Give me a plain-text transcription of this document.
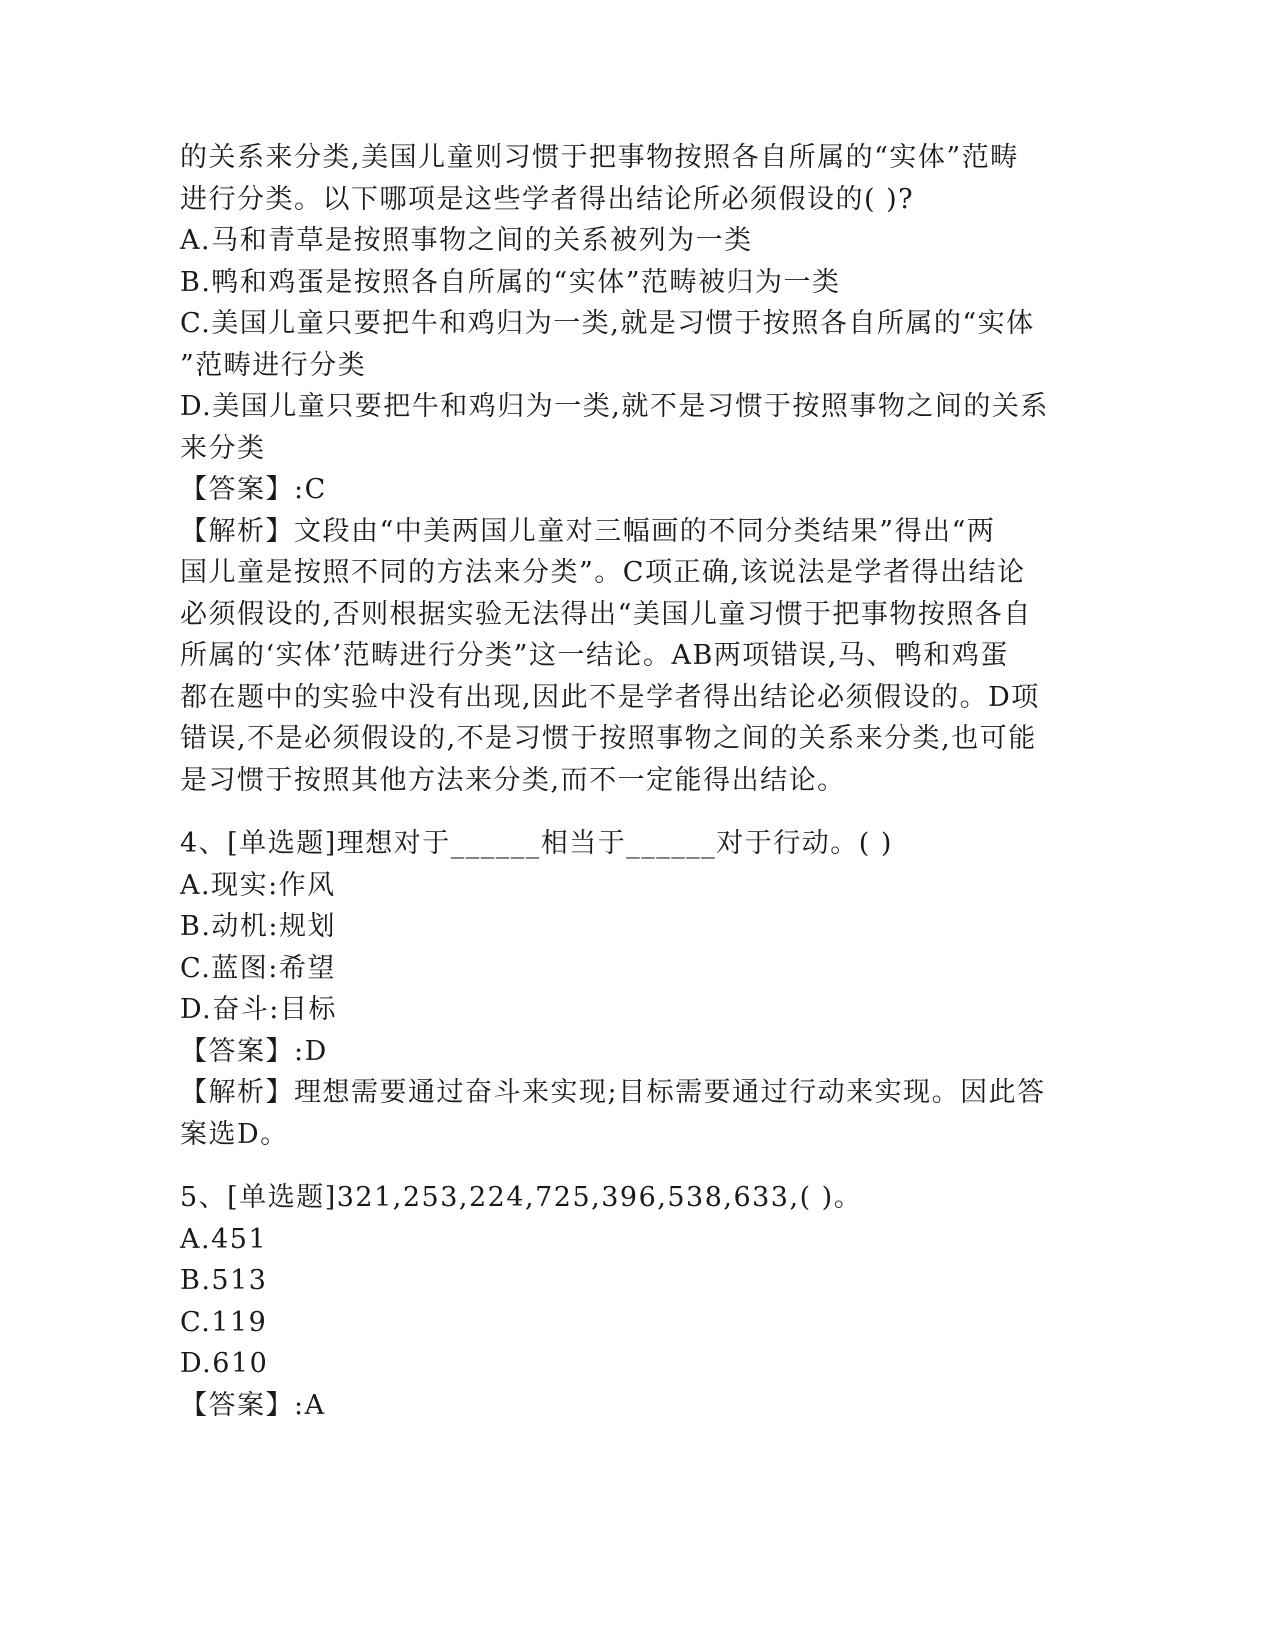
的关系来分类,美国儿童则习惯于把事物按照各自所属的“实体”范畴
进行分类。以下哪项是这些学者得出结论所必须假设的( )?
A.马和青草是按照事物之间的关系被列为一类
B.鸭和鸡蛋是按照各自所属的“实体”范畴被归为一类
C.美国儿童只要把牛和鸡归为一类,就是习惯于按照各自所属的“实体
”范畴进行分类
D.美国儿童只要把牛和鸡归为一类,就不是习惯于按照事物之间的关系
来分类
【答案】:C
【解析】文段由“中美两国儿童对三幅画的不同分类结果”得出“两
国儿童是按照不同的方法来分类”。C项正确,该说法是学者得出结论
必须假设的,否则根据实验无法得出“美国儿童习惯于把事物按照各自
所属的‘实体’范畴进行分类”这一结论。AB两项错误,马、鸭和鸡蛋
都在题中的实验中没有出现,因此不是学者得出结论必须假设的。D项
错误,不是必须假设的,不是习惯于按照事物之间的关系来分类,也可能
是习惯于按照其他方法来分类,而不一定能得出结论。
4、[单选题]理想对于______相当于______对于行动。( )
A.现实:作风
B.动机:规划
C.蓝图:希望
D.奋斗:目标
【答案】:D
【解析】理想需要通过奋斗来实现;目标需要通过行动来实现。因此答
案选D。
5、[单选题]321,253,224,725,396,538,633,( )。
A.451
B.513
C.119
D.610
【答案】:A
